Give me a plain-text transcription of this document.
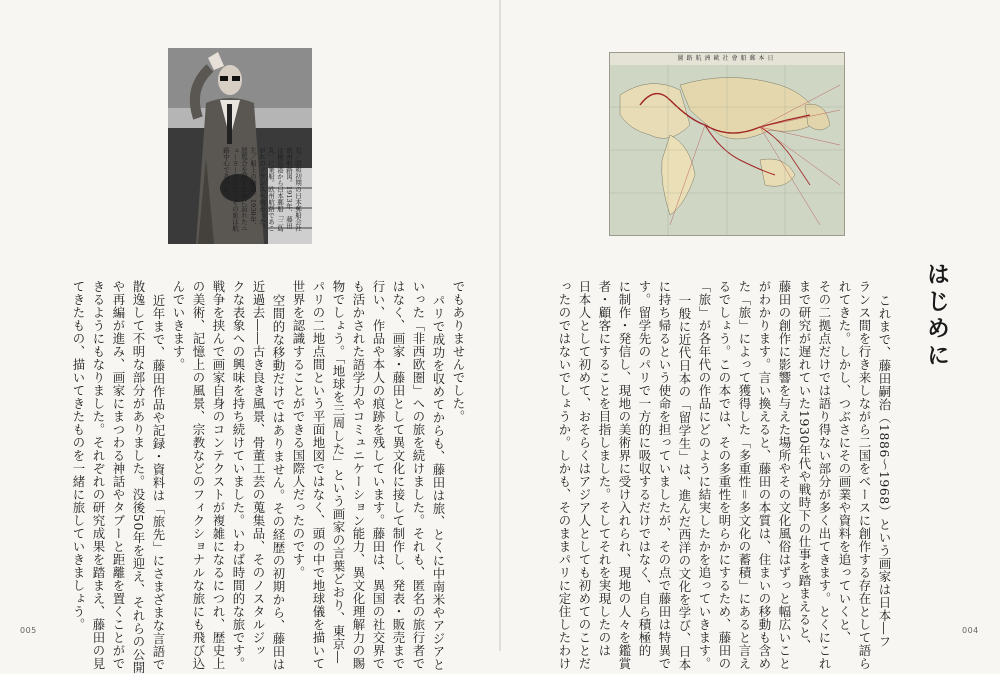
右／昭和初期の日本郵船会社
欧州航路図。1913年、藤田
は横浜港から日本郵船「三島
丸」に乗船。欧州航路であこ
がれのフランスへ向かった。
左／船上の藤田。1930年、
展覧会を開くために訪れたニ
ューヨークにて。その旅は航
路中心であった。
圖路航洲歐社會船郵本日
はじめに
これまで、藤田嗣治（1886〜1968）という画家は日本―フ
ランス間を行き来しながら二国をベースに創作する存在として語ら
れてきた。しかし、つぶさにその画業や資料を追っていくと、
その二拠点だけでは語り得ない部分が多く出てきます。とくにこれ
まで研究が遅れていた1930年代や戦時下の仕事を踏まえると、
藤田の創作に影響を与えた場所やその文化風俗はずっと幅広いこと
がわかります。言い換えると、藤田の本質は、住まいの移動も含め
た「旅」によって獲得した「多重性＝多文化の蓄積」にあると言え
るでしょう。この本では、その多重性を明らかにするため、藤田の
「旅」が各年代の作品にどのように結実したかを追っていきます。
一般に近代日本の「留学生」は、進んだ西洋の文化を学び、日本
に持ち帰るという使命を担っていましたが、その点で藤田は特異で
す。留学先のパリで一方的に吸収するだけではなく、自ら積極的
に制作・発信し、現地の美術界に受け入れられ、現地の人々を鑑賞
者・顧客にすることを目指しました。そしてそれを実現したのは
日本人として初めて、おそらくはアジア人としても初めてのことだ
ったのではないでしょうか。しかも、そのままパリに定住したわけ
でもありませんでした。
パリで成功を収めてからも、藤田は旅、とくに中南米やアジアと
いった「非西欧圏」への旅を続けました。それも、匿名の旅行者で
はなく、画家・藤田として異文化に接して制作し、発表・販売まで
行い、作品や本人の痕跡を残しています。藤田は、異国の社交界で
も活かされた語学力やコミュニケーション能力、異文化理解力の賜
物でしょう。「地球を三周した」という画家の言葉どおり、東京―
パリの二地点間という平面地図ではなく、頭の中で地球儀を描いて
世界を認識することができる国際人だったのです。
空間的な移動だけではありません。その経歴の初期から、藤田は
近過去――古き良き風景、骨董工芸の蒐集品、そのノスタルジッ
クな表象への興味を持ち続けていました。いわば時間的な旅です。
戦争を挟んで画家自身のコンテクストが複雑になるにつれ、歴史上
の美術、記憶上の風景、宗教などのフィクショナルな旅にも飛び込
んでいきます。
近年まで、藤田作品や記録・資料は「旅先」にさまざまな言語で
散逸して不明な部分がありました。没後50年を迎え、それらの公開
や再編が進み、画家にまつわる神話やタブーと距離を置くことがで
きるようにもなりました。それぞれの研究成果を踏まえ、藤田の見
てきたもの、描いてきたものを一緒に旅していきましょう。
005	004
